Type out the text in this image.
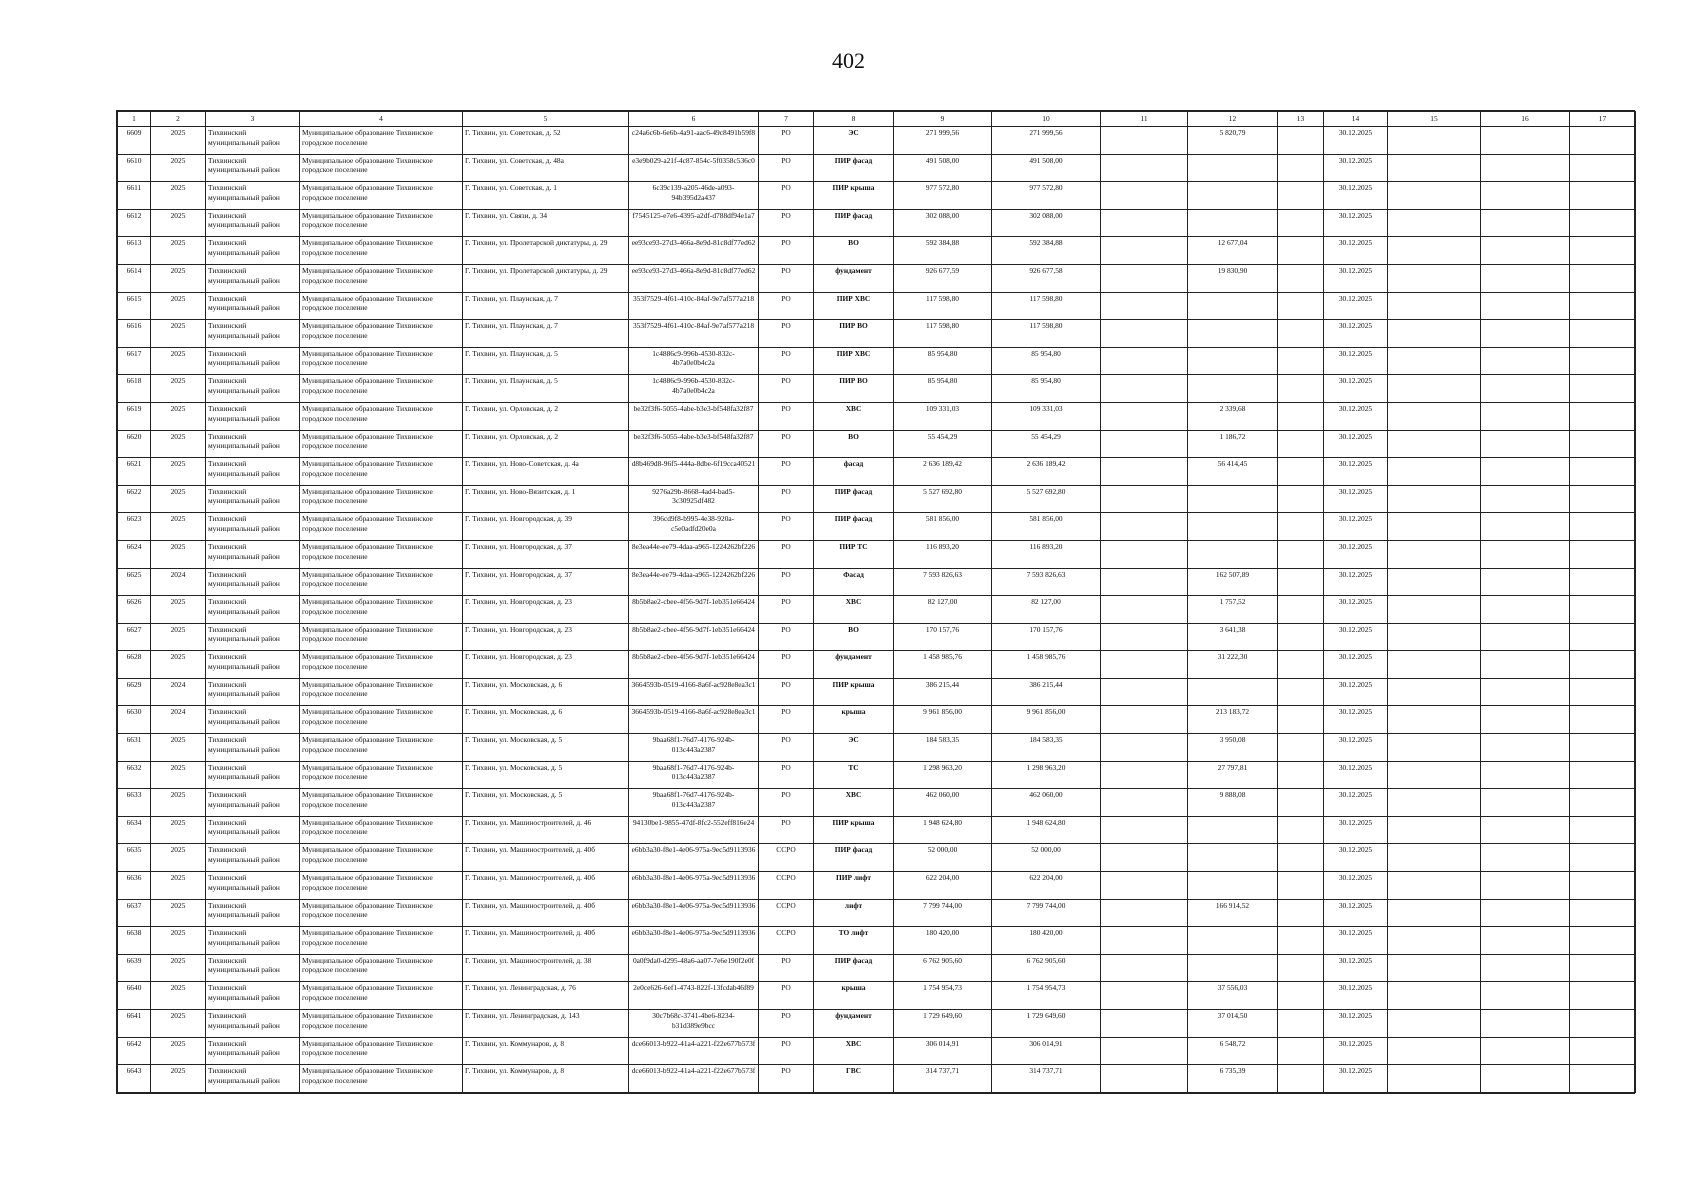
402
1	2	3	4	5	6	7	8	9	10	11	12	13	14	15	16	17
6609	2025	Тихвинский муниципальный район	Муниципальное образование Тихвинское городское поселение	Г. Тихвин, ул. Советская, д. 52	c24a6c6b-6e6b-4a91-aac6-49c8491b59f8	РО	ЭС	271 999,56	271 999,56		5 820,79		30.12.2025			
6610	2025	Тихвинский муниципальный район	Муниципальное образование Тихвинское городское поселение	Г. Тихвин, ул. Советская, д. 48а	e3e9b029-a21f-4c87-854c-5f0358c536c0	РО	ПИР фасад	491 508,00	491 508,00				30.12.2025			
6611	2025	Тихвинский муниципальный район	Муниципальное образование Тихвинское городское поселение	Г. Тихвин, ул. Советская, д. 1	6c39c139-a205-46de-a093-94b395d2a437	РО	ПИР крыша	977 572,80	977 572,80				30.12.2025			
6612	2025	Тихвинский муниципальный район	Муниципальное образование Тихвинское городское поселение	Г. Тихвин, ул. Связи, д. 34	f7545125-e7e6-4395-a2df-d788df94e1a7	РО	ПИР фасад	302 088,00	302 088,00				30.12.2025			
6613	2025	Тихвинский муниципальный район	Муниципальное образование Тихвинское городское поселение	Г. Тихвин, ул. Пролетарской диктатуры, д. 29	ee93ce93-27d3-466a-8e9d-81c8df77ed62	РО	ВО	592 384,88	592 384,88		12 677,04		30.12.2025			
6614	2025	Тихвинский муниципальный район	Муниципальное образование Тихвинское городское поселение	Г. Тихвин, ул. Пролетарской диктатуры, д. 29	ee93ce93-27d3-466a-8e9d-81c8df77ed62	РО	фундамент	926 677,59	926 677,58		19 830,90		30.12.2025			
6615	2025	Тихвинский муниципальный район	Муниципальное образование Тихвинское городское поселение	Г. Тихвин, ул. Плаунская, д. 7	353f7529-4f61-410c-84af-9e7af577a218	РО	ПИР ХВС	117 598,80	117 598,80				30.12.2025			
6616	2025	Тихвинский муниципальный район	Муниципальное образование Тихвинское городское поселение	Г. Тихвин, ул. Плаунская, д. 7	353f7529-4f61-410c-84af-9e7af577a218	РО	ПИР ВО	117 598,80	117 598,80				30.12.2025			
6617	2025	Тихвинский муниципальный район	Муниципальное образование Тихвинское городское поселение	Г. Тихвин, ул. Плаунская, д. 5	1c4886c9-996b-4530-832c-4b7a0e0b4c2a	РО	ПИР ХВС	85 954,80	85 954,80				30.12.2025			
6618	2025	Тихвинский муниципальный район	Муниципальное образование Тихвинское городское поселение	Г. Тихвин, ул. Плаунская, д. 5	1c4886c9-996b-4530-832c-4b7a0e0b4c2a	РО	ПИР ВО	85 954,80	85 954,80				30.12.2025			
6619	2025	Тихвинский муниципальный район	Муниципальное образование Тихвинское городское поселение	Г. Тихвин, ул. Орловская, д. 2	be32f3f6-5055-4abe-b3e3-bf548fa32f87	РО	ХВС	109 331,03	109 331,03		2 339,68		30.12.2025			
6620	2025	Тихвинский муниципальный район	Муниципальное образование Тихвинское городское поселение	Г. Тихвин, ул. Орловская, д. 2	be32f3f6-5055-4abe-b3e3-bf548fa32f87	РО	ВО	55 454,29	55 454,29		1 186,72		30.12.2025			
6621	2025	Тихвинский муниципальный район	Муниципальное образование Тихвинское городское поселение	Г. Тихвин, ул. Ново-Советская, д. 4а	d8b469d8-96f5-444a-8dbe-6f19cca40521	РО	фасад	2 636 189,42	2 636 189,42		56 414,45		30.12.2025			
6622	2025	Тихвинский муниципальный район	Муниципальное образование Тихвинское городское поселение	Г. Тихвин, ул. Ново-Вязитская, д. 1	9276a29b-8668-4ad4-bad5-3c30925df482	РО	ПИР фасад	5 527 692,80	5 527 692,80				30.12.2025			
6623	2025	Тихвинский муниципальный район	Муниципальное образование Тихвинское городское поселение	Г. Тихвин, ул. Новгородская, д. 39	396cd9f8-b995-4e38-920a-c5e0adfd20e0a	РО	ПИР фасад	581 856,00	581 856,00				30.12.2025			
6624	2025	Тихвинский муниципальный район	Муниципальное образование Тихвинское городское поселение	Г. Тихвин, ул. Новгородская, д. 37	8e3ea44e-ee79-4daa-a965-1224262bf226	РО	ПИР ТС	116 893,20	116 893,20				30.12.2025			
6625	2024	Тихвинский муниципальный район	Муниципальное образование Тихвинское городское поселение	Г. Тихвин, ул. Новгородская, д. 37	8e3ea44e-ee79-4daa-a965-1224262bf226	РО	Фасад	7 593 826,63	7 593 826,63		162 507,89		30.12.2025			
6626	2025	Тихвинский муниципальный район	Муниципальное образование Тихвинское городское поселение	Г. Тихвин, ул. Новгородская, д. 23	8b5b8ae2-cbee-4f56-9d7f-1eb351e66424	РО	ХВС	82 127,00	82 127,00		1 757,52		30.12.2025			
6627	2025	Тихвинский муниципальный район	Муниципальное образование Тихвинское городское поселение	Г. Тихвин, ул. Новгородская, д. 23	8b5b8ae2-cbee-4f56-9d7f-1eb351e66424	РО	ВО	170 157,76	170 157,76		3 641,38		30.12.2025			
6628	2025	Тихвинский муниципальный район	Муниципальное образование Тихвинское городское поселение	Г. Тихвин, ул. Новгородская, д. 23	8b5b8ae2-cbee-4f56-9d7f-1eb351e66424	РО	фундамент	1 458 985,76	1 458 985,76		31 222,30		30.12.2025			
6629	2024	Тихвинский муниципальный район	Муниципальное образование Тихвинское городское поселение	Г. Тихвин, ул. Московская, д. 6	3664593b-0519-4166-8a6f-ac928e8ea3c1	РО	ПИР крыша	386 215,44	386 215,44				30.12.2025			
6630	2024	Тихвинский муниципальный район	Муниципальное образование Тихвинское городское поселение	Г. Тихвин, ул. Московская, д. 6	3664593b-0519-4166-8a6f-ac928e8ea3c1	РО	крыша	9 961 856,00	9 961 856,00		213 183,72		30.12.2025			
6631	2025	Тихвинский муниципальный район	Муниципальное образование Тихвинское городское поселение	Г. Тихвин, ул. Московская, д. 5	9baa68f1-76d7-4176-924b-013c443a2387	РО	ЭС	184 583,35	184 583,35		3 950,08		30.12.2025			
6632	2025	Тихвинский муниципальный район	Муниципальное образование Тихвинское городское поселение	Г. Тихвин, ул. Московская, д. 5	9baa68f1-76d7-4176-924b-013c443a2387	РО	ТС	1 298 963,20	1 298 963,20		27 797,81		30.12.2025			
6633	2025	Тихвинский муниципальный район	Муниципальное образование Тихвинское городское поселение	Г. Тихвин, ул. Московская, д. 5	9baa68f1-76d7-4176-924b-013c443a2387	РО	ХВС	462 060,00	462 060,00		9 888,08		30.12.2025			
6634	2025	Тихвинский муниципальный район	Муниципальное образование Тихвинское городское поселение	Г. Тихвин, ул. Машиностроителей, д. 46	94130be1-9855-47df-8fc2-552eff816e24	РО	ПИР крыша	1 948 624,80	1 948 624,80				30.12.2025			
6635	2025	Тихвинский муниципальный район	Муниципальное образование Тихвинское городское поселение	Г. Тихвин, ул. Машиностроителей, д. 40б	e6bb3a30-f8e1-4e06-975a-9ec5d9113936	ССРО	ПИР фасад	52 000,00	52 000,00				30.12.2025			
6636	2025	Тихвинский муниципальный район	Муниципальное образование Тихвинское городское поселение	Г. Тихвин, ул. Машиностроителей, д. 40б	e6bb3a30-f8e1-4e06-975a-9ec5d9113936	ССРО	ПИР лифт	622 204,00	622 204,00				30.12.2025			
6637	2025	Тихвинский муниципальный район	Муниципальное образование Тихвинское городское поселение	Г. Тихвин, ул. Машиностроителей, д. 40б	e6bb3a30-f8e1-4e06-975a-9ec5d9113936	ССРО	лифт	7 799 744,00	7 799 744,00		166 914,52		30.12.2025			
6638	2025	Тихвинский муниципальный район	Муниципальное образование Тихвинское городское поселение	Г. Тихвин, ул. Машиностроителей, д. 40б	e6bb3a30-f8e1-4e06-975a-9ec5d9113936	ССРО	ТО лифт	180 420,00	180 420,00				30.12.2025			
6639	2025	Тихвинский муниципальный район	Муниципальное образование Тихвинское городское поселение	Г. Тихвин, ул. Машиностроителей, д. 38	0a0f9da0-d295-48a6-aa07-7e6e190f2e0f	РО	ПИР фасад	6 762 905,60	6 762 905,60				30.12.2025			
6640	2025	Тихвинский муниципальный район	Муниципальное образование Тихвинское городское поселение	Г. Тихвин, ул. Ленинградская, д. 76	2e0ce626-6ef1-4743-822f-13fcdab46f89	РО	крыша	1 754 954,73	1 754 954,73		37 556,03		30.12.2025			
6641	2025	Тихвинский муниципальный район	Муниципальное образование Тихвинское городское поселение	Г. Тихвин, ул. Ленинградская, д. 143	30c7b68c-3741-4be6-8234-b31d389e9bcc	РО	фундамент	1 729 649,60	1 729 649,60		37 014,50		30.12.2025			
6642	2025	Тихвинский муниципальный район	Муниципальное образование Тихвинское городское поселение	Г. Тихвин, ул. Коммунаров, д. 8	dce66013-b922-41a4-a221-f22e677b573f	РО	ХВС	306 014,91	306 014,91		6 548,72		30.12.2025			
6643	2025	Тихвинский муниципальный район	Муниципальное образование Тихвинское городское поселение	Г. Тихвин, ул. Коммунаров, д. 8	dce66013-b922-41a4-a221-f22e677b573f	РО	ГВС	314 737,71	314 737,71		6 735,39		30.12.2025			
